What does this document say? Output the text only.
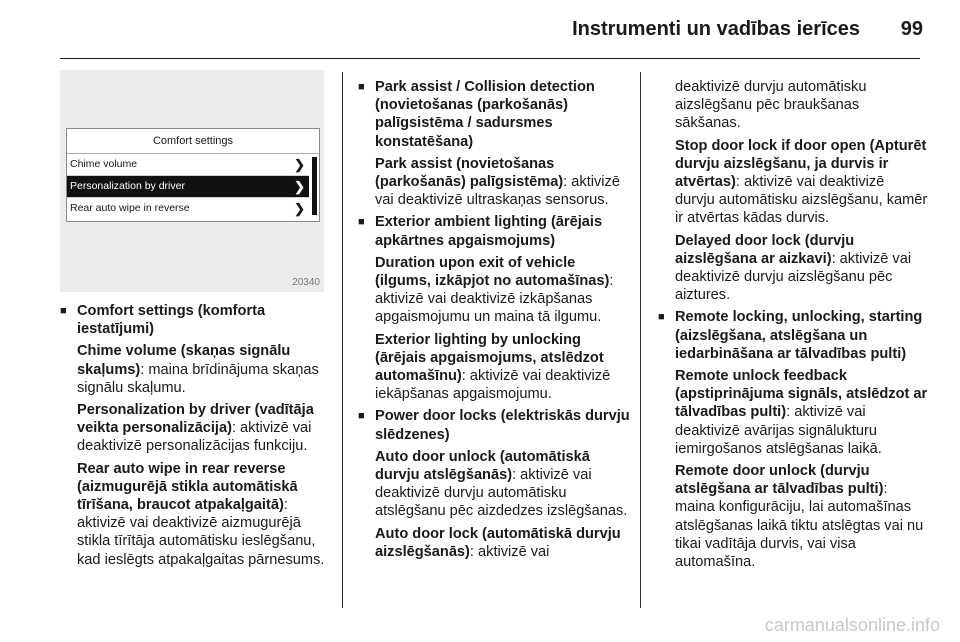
Instrumenti un vadības ierīces	99
Comfort settings
Chime volume	❯
Personalization by driver	❯
Rear auto wipe in reverse	❯
20340

■ Comfort settings (komforta iestatījumi)

Chime volume (skaņas signālu skaļums): maina brīdinājuma skaņas signālu skaļumu.

Personalization by driver (vadītāja veikta personalizācija): aktivizē vai deaktivizē personalizācijas funkciju.

Rear auto wipe in rear reverse (aizmugurējā stikla automātiskā tīrīšana, braucot atpakaļgaitā): aktivizē vai deaktivizē aizmugurējā stikla tīrītāja automātisku ieslēgšanu, kad ieslēgts atpakaļgaitas pārnesums.

■ Park assist / Collision detection (novietošanas (parkošanās) palīgsistēma / sadursmes konstatēšana)

Park assist (novietošanas (parkošanās) palīgsistēma): aktivizē vai deaktivizē ultraskaņas sensorus.

■ Exterior ambient lighting (ārējais apkārtnes apgaismojums)

Duration upon exit of vehicle (ilgums, izkāpjot no automašīnas): aktivizē vai deaktivizē izkāpšanas apgaismojumu un maina tā ilgumu.

Exterior lighting by unlocking (ārējais apgaismojums, atslēdzot automašīnu): aktivizē vai deaktivizē iekāpšanas apgaismojumu.

■ Power door locks (elektriskās durvju slēdzenes)

Auto door unlock (automātiskā durvju atslēgšanās): aktivizē vai deaktivizē durvju automātisku atslēgšanu pēc aizdedzes izslēgšanas.

Auto door lock (automātiskā durvju aizslēgšanās): aktivizē vai

deaktivizē durvju automātisku aizslēgšanu pēc braukšanas sākšanas.

Stop door lock if door open (Apturēt durvju aizslēgšanu, ja durvis ir atvērtas): aktivizē vai deaktivizē durvju automātisku aizslēgšanu, kamēr ir atvērtas kādas durvis.

Delayed door lock (durvju aizslēgšana ar aizkavi): aktivizē vai deaktivizē durvju aizslēgšanu pēc aiztures.

■ Remote locking, unlocking, starting (aizslēgšana, atslēgšana un iedarbināšana ar tālvadības pulti)

Remote unlock feedback (apstiprinājuma signāls, atslēdzot ar tālvadības pulti): aktivizē vai deaktivizē avārijas signālukturu iemirgošanos atslēgšanas laikā.

Remote door unlock (durvju atslēgšana ar tālvadības pulti): maina konfigurāciju, lai automašīnas atslēgšanas laikā tiktu atslēgtas vai nu tikai vadītāja durvis, vai visa automašīna.

carmanualsonline.info
